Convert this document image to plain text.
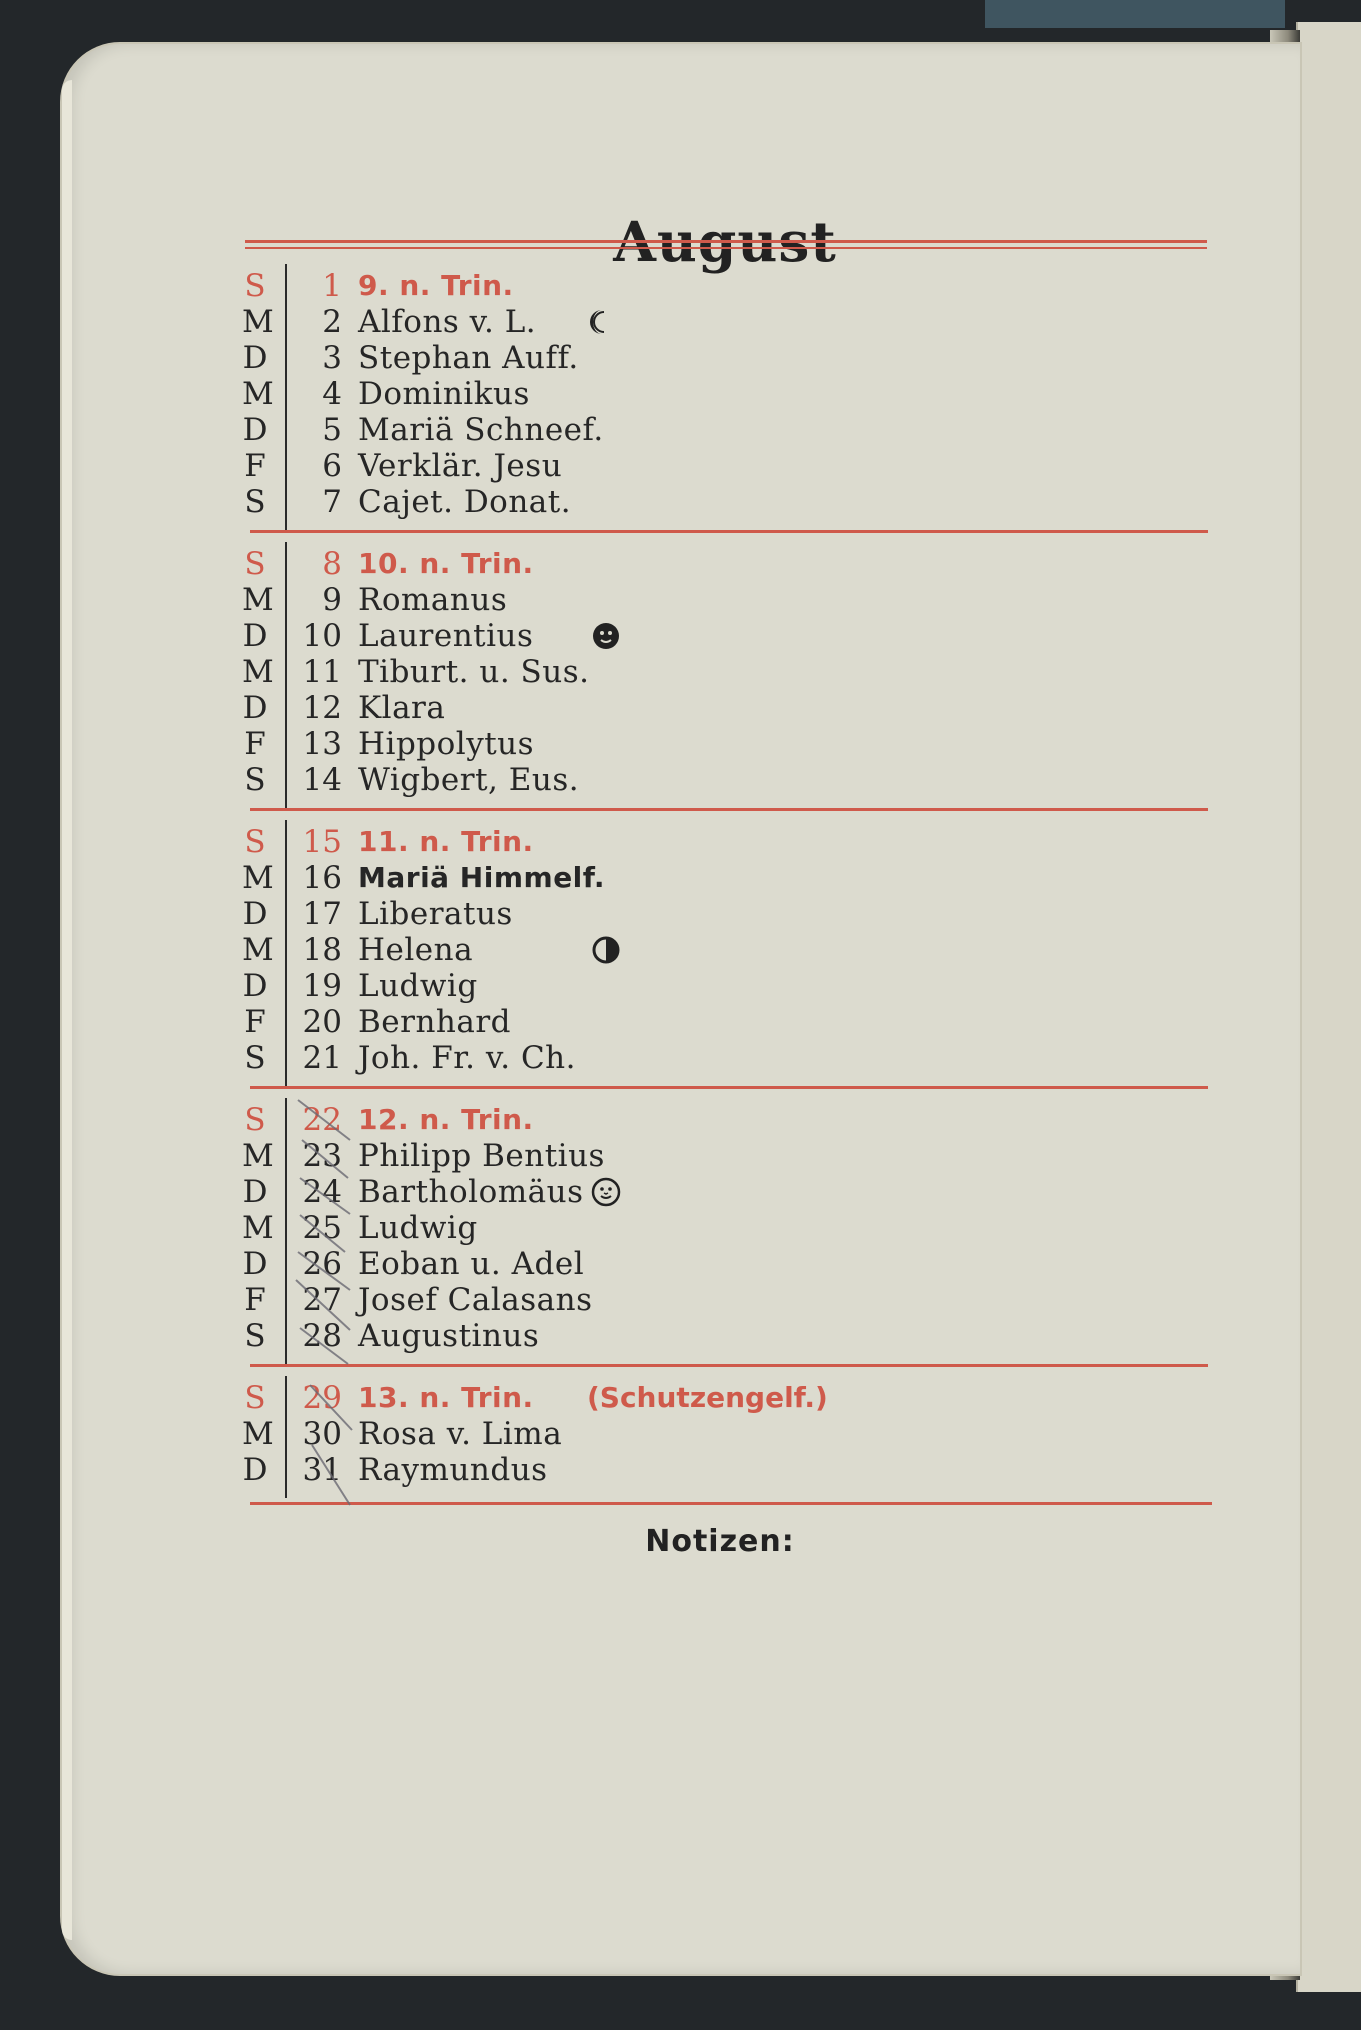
August
S	1 9. n. Trin.
M	2 Alfons v. L.
D	3 Stephan Auff.
M	4 Dominikus
D	5 Mariä Schneef.
F	6 Verklär. Jesu
S	7 Cajet. Donat.
S	8 10. n. Trin.
M	9 Romanus
D	10 Laurentius
M 11 Tiburt. u. Sus.
D	12 Klara
F	13 Hippolytus
S	14 Wigbert, Eus.
S	15 11. n. Trin.
M 16 Mariä Himmelf.
D	17 Liberatus
M 18 Helena
D	19 Ludwig
F	20 Bernhard
S	21 Joh. Fr. v. Ch.
S	22 12. n. Trin.
M 23 Philipp Bentius
D	24 Bartholomäus
M 25 Ludwig
D	26 Eoban u. Adel
F	27 Josef Calasans
S	28 Augustinus
S	29 13. n. Trin. (Schutzengelf.)
M 30 Rosa v. Lima
D	31 Raymundus
Notizen:
